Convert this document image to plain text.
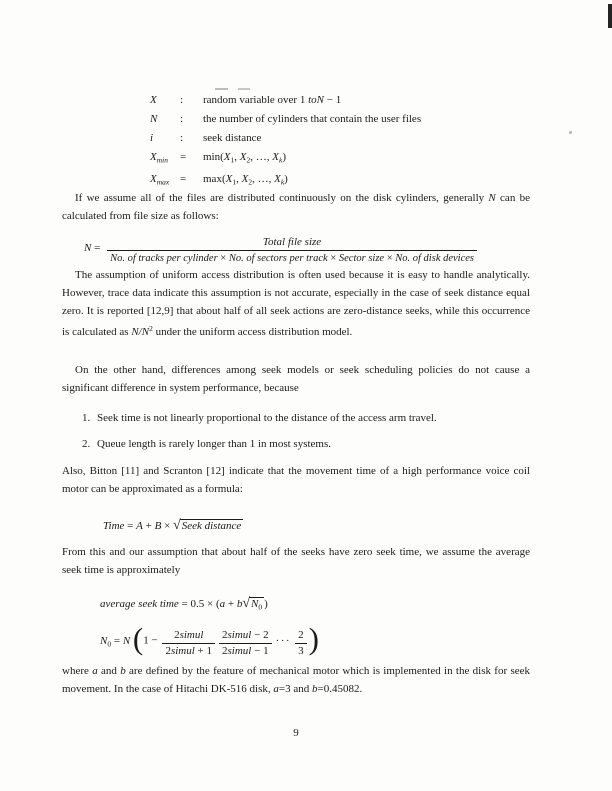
X	:	random variable over 1 toN − 1
N	:	the number of cylinders that contain the user files
i	:	seek distance
$X_{min}$	=	$\min(X_1$, $X_2$, …, $X_k$)
$X_{max}$	=	$\max(X_1$, $X_2$, …, $X_k$)

If we assume all of the files are distributed continuously on the disk cylinders, generally N can be calculated from file size as follows:

N =
Total file size
No. of tracks per cylinder × No. of sectors per track × Sector size × No. of disk devices

The assumption of uniform access distribution is often used because it is easy to handle analytically. However, trace data indicate this assumption is not accurate, especially in the case of seek distance equal zero. It is reported [12,9] that about half of all seek actions are zero-distance seeks, while this occurrence is calculated as $N/N^2$ under the uniform access distribution model.

On the other hand, differences among seek models or seek scheduling policies do not cause a significant difference in system performance, because

1. Seek time is not linearly proportional to the distance of the access arm travel.
2. Queue length is rarely longer than 1 in most systems.

Also, Bitton [11] and Scranton [12] indicate that the movement time of a high performance voice coil motor can be approximated as a formula:

Time = A + B × √Seek distance

From this and our assumption that about half of the seeks have zero seek time, we assume the average seek time is approximately

average seek time = $0.5 \times (a + b√N_0$ )
$N_0 = N$ ($1 - \frac{\text{2simul}}{\text{2simul + 1}} \frac{\text{2simul − 2}}{\text{2simul − 1}}$ ··· $\frac{2}{3}$ )

where a and b are defined by the feature of mechanical motor which is implemented in the disk for seek movement. In the case of Hitachi DK-516 disk, a=3 and b=0.45082.

9
